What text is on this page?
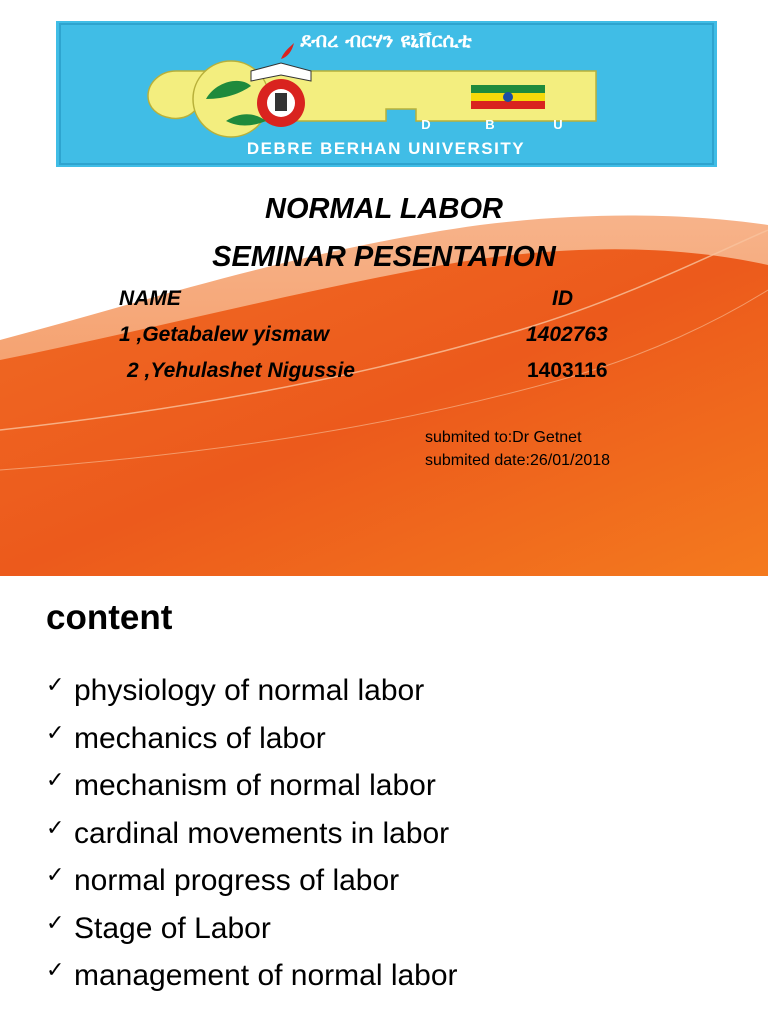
ደብረ ብርሃን ዩኒቨርሲቲ
D	B	U
DEBRE BERHAN UNIVERSITY
NORMAL LABOR
SEMINAR PESENTATION
NAME	ID
1 ,Getabalew yismaw	1402763
2 ,Yehulashet Nigussie	1403116
submited to:Dr Getnet
submited date:26/01/2018
content
✓ physiology of normal labor
✓ mechanics of labor
✓ mechanism of normal labor
✓ cardinal movements in labor
✓ normal progress of labor
✓ Stage of Labor
✓ management of normal labor
